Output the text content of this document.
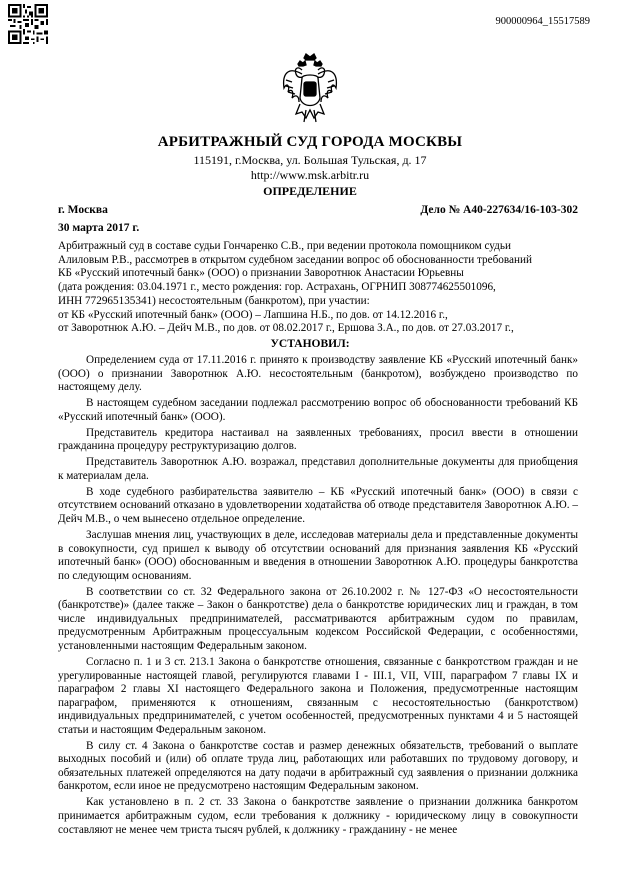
900000964_15517589
АРБИТРАЖНЫЙ СУД ГОРОДА МОСКВЫ
115191, г.Москва, ул. Большая Тульская, д. 17
http://www.msk.arbitr.ru
ОПРЕДЕЛЕНИЕ
г. Москва	Дело № А40-227634/16-103-302
30 марта 2017 г.
Арбитражный суд в составе судьи Гончаренко С.В., при ведении протокола помощником судьи
Алиловым Р.В., рассмотрев в открытом судебном заседании вопрос об обоснованности требований
КБ «Русский ипотечный банк» (ООО) о признании Заворотнюк Анастасии Юрьевны
(дата рождения: 03.04.1971 г., место рождения: гор. Астрахань, ОГРНИП 308774625501096,
ИНН 772965135341) несостоятельным (банкротом), при участии:
от КБ «Русский ипотечный банк» (ООО) – Лапшина Н.Б., по дов. от 14.12.2016 г.,
от Заворотнюк А.Ю. – Дейч М.В., по дов. от 08.02.2017 г., Ершова З.А., по дов. от 27.03.2017 г.,
УСТАНОВИЛ:

Определением суда от 17.11.2016 г. принято к производству заявление КБ «Русский ипотечный банк» (ООО) о признании Заворотнюк А.Ю. несостоятельным (банкротом), возбуждено производство по настоящему делу.

В настоящем судебном заседании подлежал рассмотрению вопрос об обоснованности требований КБ «Русский ипотечный банк» (ООО).

Представитель кредитора настаивал на заявленных требованиях, просил ввести в отношении гражданина процедуру реструктуризацию долгов.

Представитель Заворотнюк А.Ю. возражал, представил дополнительные документы для приобщения к материалам дела.

В ходе судебного разбирательства заявителю – КБ «Русский ипотечный банк» (ООО) в связи с отсутствием оснований отказано в удовлетворении ходатайства об отводе представителя Заворотнюк А.Ю. – Дейч М.В., о чем вынесено отдельное определение.

Заслушав мнения лиц, участвующих в деле, исследовав материалы дела и представленные документы в совокупности, суд пришел к выводу об отсутствии оснований для признания заявления КБ «Русский ипотечный банк» (ООО) обоснованным и введения в отношении Заворотнюк А.Ю. процедуры банкротства по следующим основаниям.

В соответствии со ст. 32 Федерального закона от 26.10.2002 г. № 127-ФЗ «О несостоятельности (банкротстве)» (далее также – Закон о банкротстве) дела о банкротстве юридических лиц и граждан, в том числе индивидуальных предпринимателей, рассматриваются арбитражным судом по правилам, предусмотренным Арбитражным процессуальным кодексом Российской Федерации, с особенностями, установленными настоящим Федеральным законом.

Согласно п. 1 и 3 ст. 213.1 Закона о банкротстве отношения, связанные с банкротством граждан и не урегулированные настоящей главой, регулируются главами I - III.1, VII, VIII, параграфом 7 главы IX и параграфом 2 главы XI настоящего Федерального закона и Положения, предусмотренные настоящим параграфом, применяются к отношениям, связанным с несостоятельностью (банкротством) индивидуальных предпринимателей, с учетом особенностей, предусмотренных пунктами 4 и 5 настоящей статьи и настоящим Федеральным законом.

В силу ст. 4 Закона о банкротстве состав и размер денежных обязательств, требований о выплате выходных пособий и (или) об оплате труда лиц, работающих или работавших по трудовому договору, и обязательных платежей определяются на дату подачи в арбитражный суд заявления о признании должника банкротом, если иное не предусмотрено настоящим Федеральным законом.

Как установлено в п. 2 ст. 33 Закона о банкротстве заявление о признании должника банкротом принимается арбитражным судом, если требования к должнику - юридическому лицу в совокупности составляют не менее чем триста тысяч рублей, к должнику - гражданину - не менее
